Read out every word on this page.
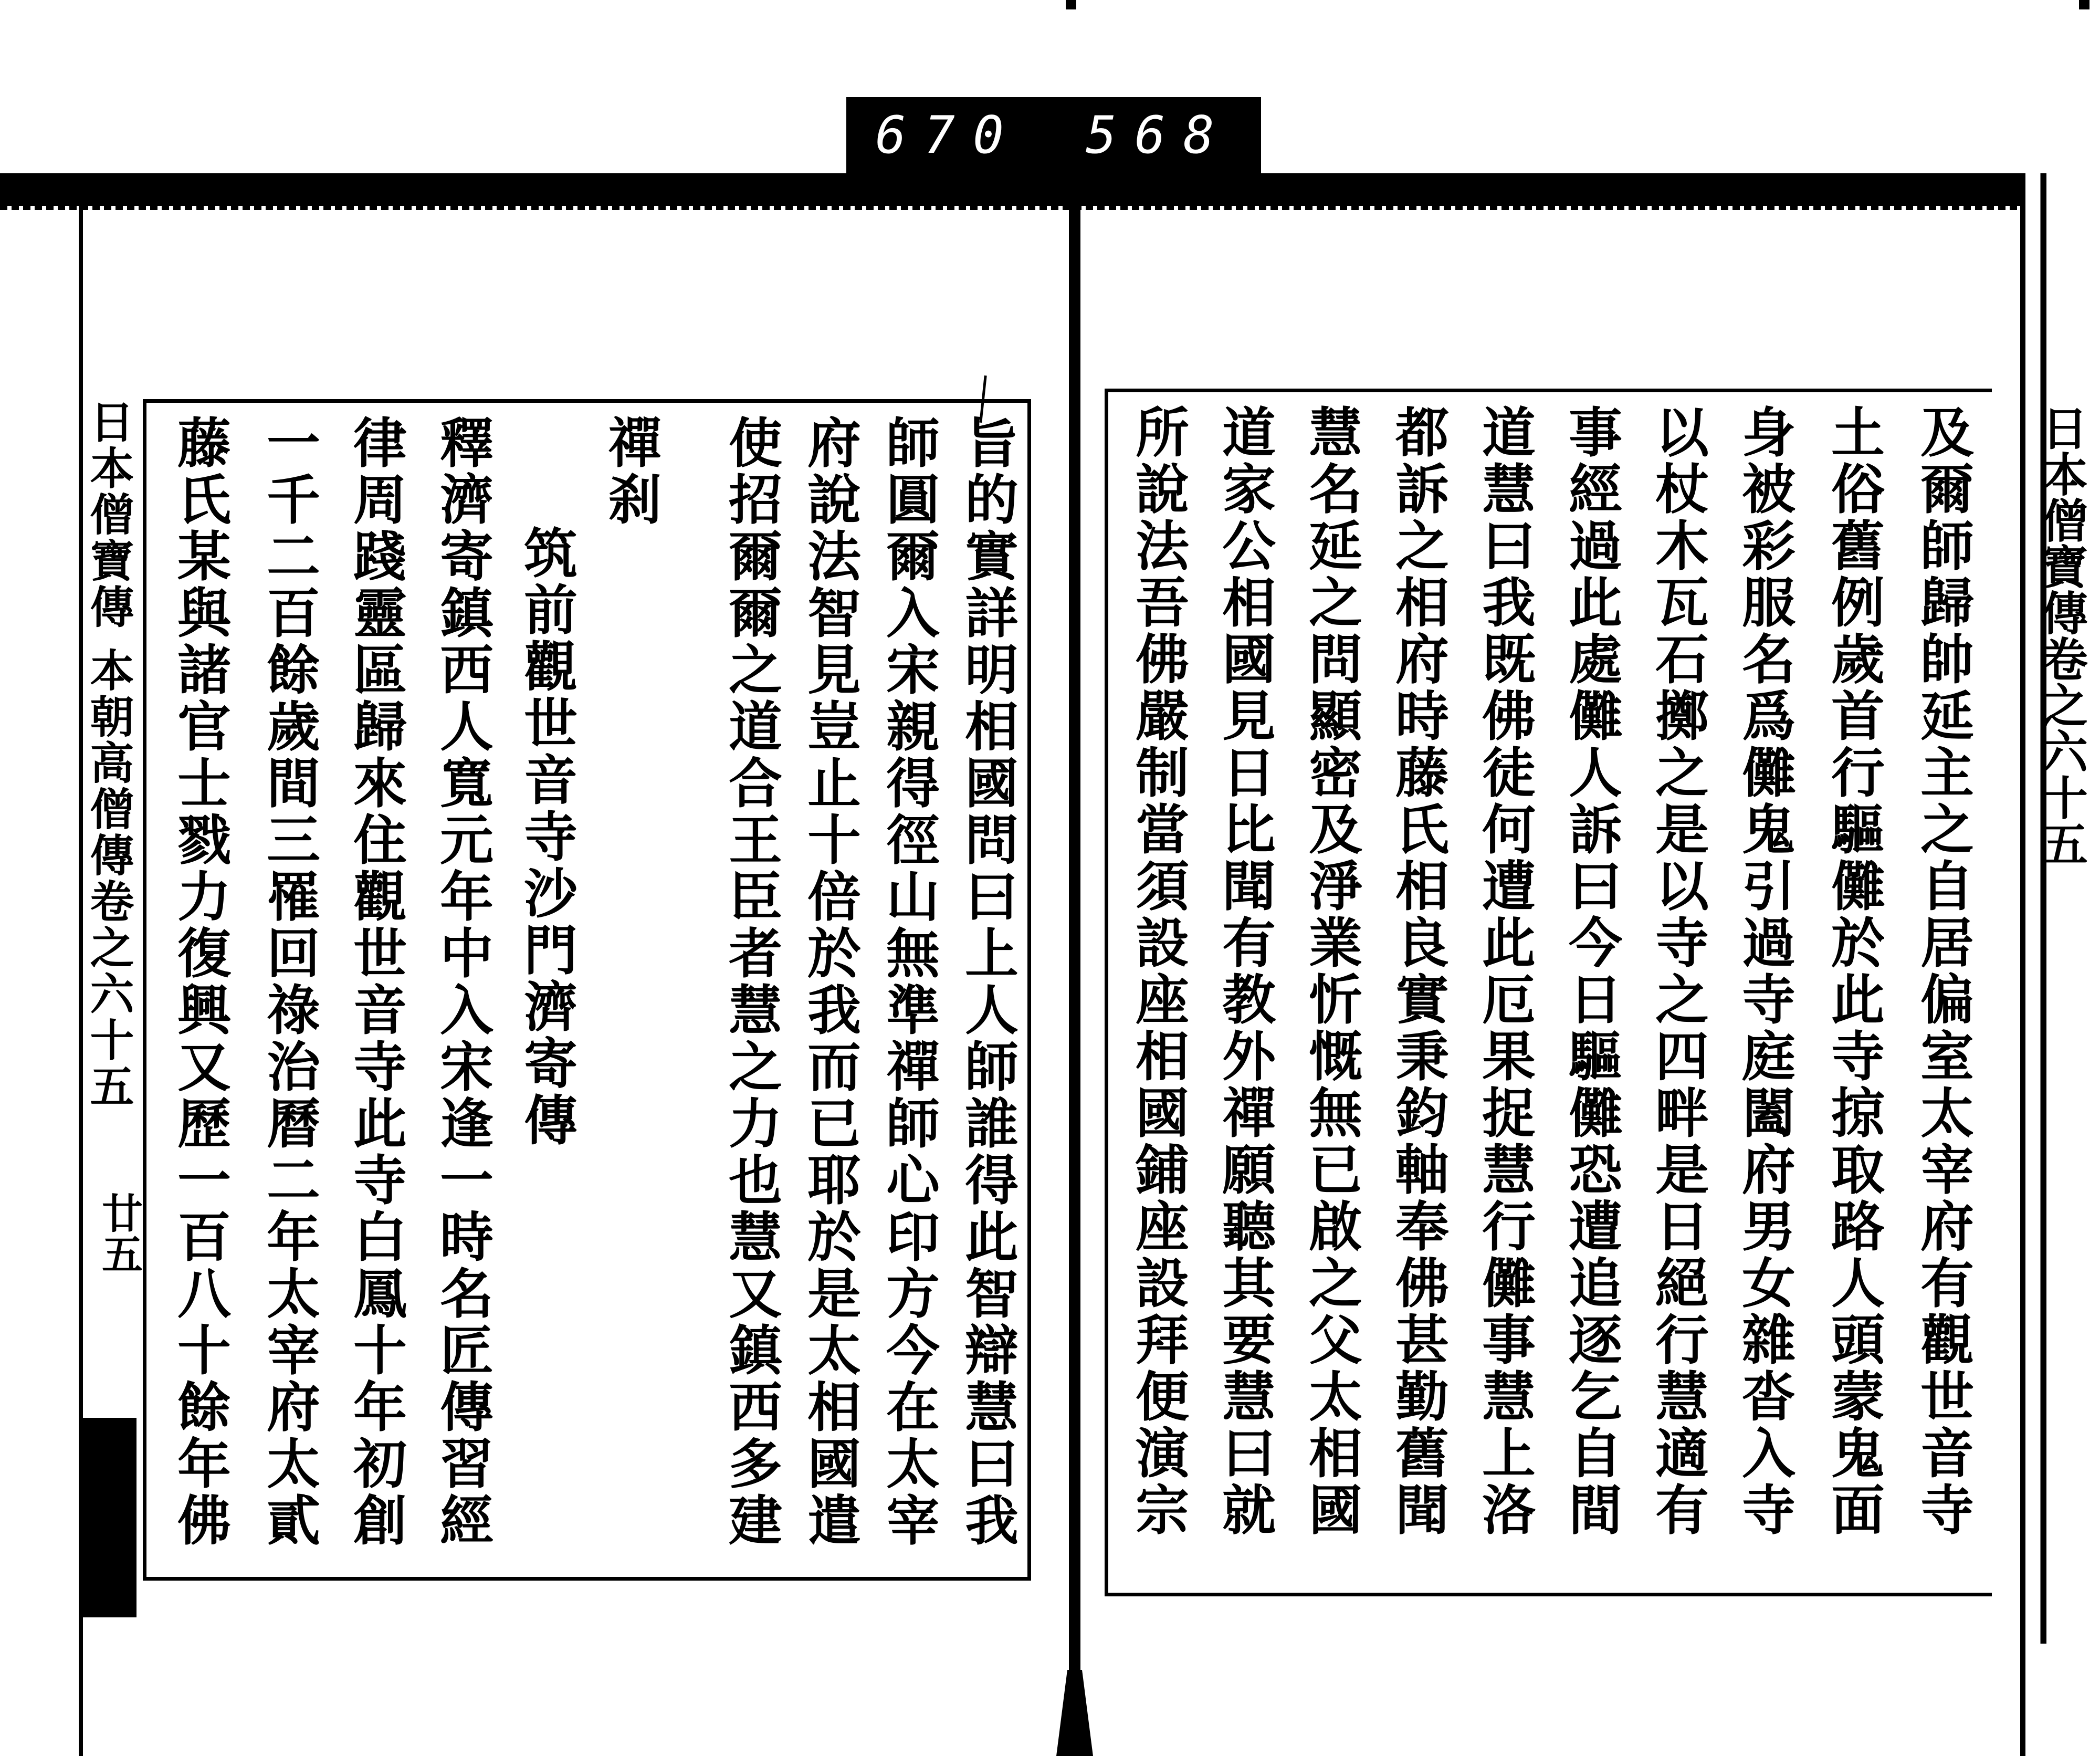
670 568
日本僧寶傳卷之六十五
日本僧寶傳 本朝高僧傳卷之六十五
廿五	旨的實詳明相國問曰上人師誰得此智辯慧曰我
師圓爾入宋親得徑山無準禪師心印方今在太宰
府說法智見豈止十倍於我而已耶於是太相國遣
使招爾爾之道合王臣者慧之力也慧又鎮西多建
禪刹
筑前觀世音寺沙門濟寄傳
釋濟寄鎮西人寬元年中入宋逢一時名匠傳習經
律周踐靈區歸來住觀世音寺此寺白鳳十年初創
一千二百餘歲間三罹回祿治曆二年太宰府太貳
藤氏某與諸官士戮力復興又歷一百八十餘年佛	及爾師歸帥延主之自居偏室太宰府有觀世音寺
土俗舊例歲首行驅儺於此寺掠取路人頭蒙鬼面
身被彩服名爲儺鬼引過寺庭闔府男女雜沓入寺
以杖木瓦石擲之是以寺之四畔是日絕行慧適有
事經過此處儺人訴曰今日驅儺恐遭追逐乞自間
道慧曰我既佛徒何遭此厄果捉慧行儺事慧上洛
都訴之相府時藤氏相良實秉鈞軸奉佛甚勤舊聞
慧名延之問顯密及淨業忻慨無已啟之父太相國
道家公相國見日比聞有教外禪願聽其要慧曰就
所說法吾佛嚴制當須設座相國鋪座設拜便演宗
